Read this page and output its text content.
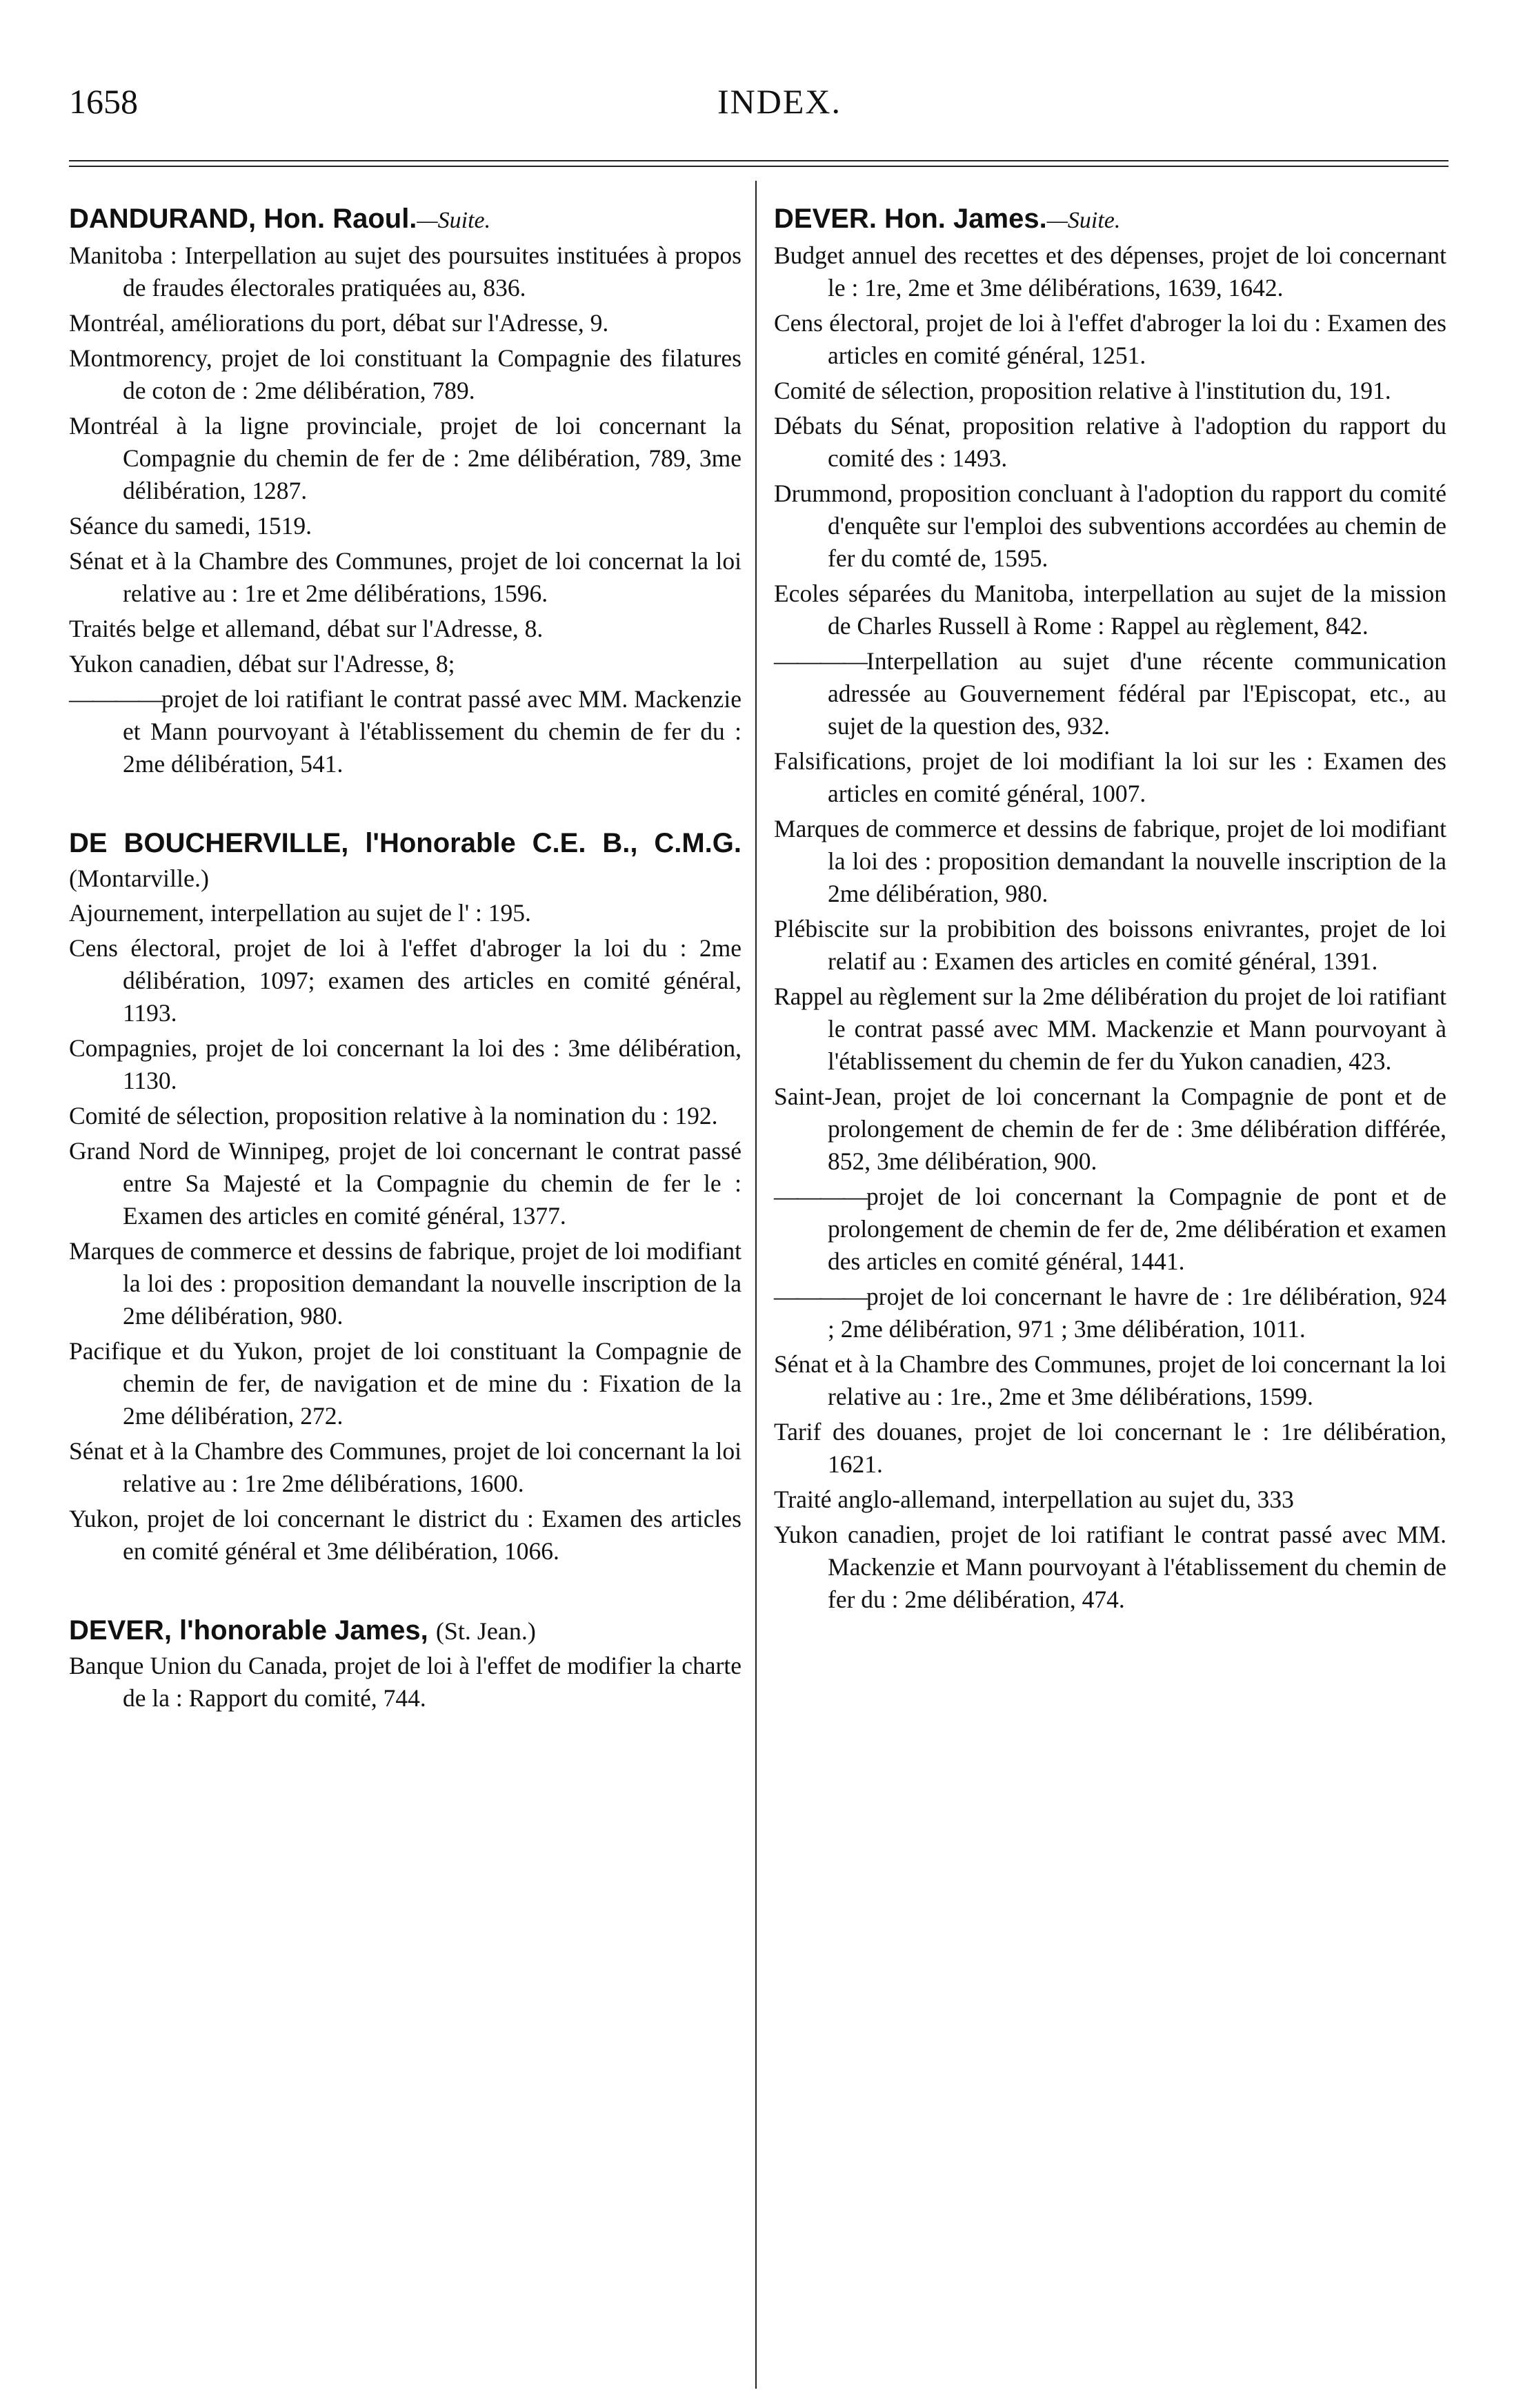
1658	INDEX.
DANDURAND, Hon. Raoul.—Suite.
Manitoba : Interpellation au sujet des poursuites instituées à propos de fraudes électorales pratiquées au, 836.
Montréal, améliorations du port, débat sur l'Adresse, 9.
Montmorency, projet de loi constituant la Compagnie des filatures de coton de : 2me délibération, 789.
Montréal à la ligne provinciale, projet de loi concernant la Compagnie du chemin de fer de : 2me délibération, 789, 3me délibération, 1287.
Séance du samedi, 1519.
Sénat et à la Chambre des Communes, projet de loi concernat la loi relative au : 1re et 2me délibérations, 1596.
Traités belge et allemand, débat sur l'Adresse, 8.
Yukon canadien, débat sur l'Adresse, 8;
————projet de loi ratifiant le contrat passé avec MM. Mackenzie et Mann pourvoyant à l'établissement du chemin de fer du : 2me délibération, 541.
DE BOUCHERVILLE, l'Honorable C.E. B., C.M.G. (Montarville.)
Ajournement, interpellation au sujet de l' : 195.
Cens électoral, projet de loi à l'effet d'abroger la loi du : 2me délibération, 1097; examen des articles en comité général, 1193.
Compagnies, projet de loi concernant la loi des : 3me délibération, 1130.
Comité de sélection, proposition relative à la nomination du : 192.
Grand Nord de Winnipeg, projet de loi concernant le contrat passé entre Sa Majesté et la Compagnie du chemin de fer le : Examen des articles en comité général, 1377.
Marques de commerce et dessins de fabrique, projet de loi modifiant la loi des : proposition demandant la nouvelle inscription de la 2me délibération, 980.
Pacifique et du Yukon, projet de loi constituant la Compagnie de chemin de fer, de navigation et de mine du : Fixation de la 2me délibération, 272.
Sénat et à la Chambre des Communes, projet de loi concernant la loi relative au : 1re 2me délibérations, 1600.
Yukon, projet de loi concernant le district du : Examen des articles en comité général et 3me délibération, 1066.
DEVER, l'honorable James, (St. Jean.)
Banque Union du Canada, projet de loi à l'effet de modifier la charte de la : Rapport du comité, 744.
DEVER. Hon. James.—Suite.
Budget annuel des recettes et des dépenses, projet de loi concernant le : 1re, 2me et 3me délibérations, 1639, 1642.
Cens électoral, projet de loi à l'effet d'abroger la loi du : Examen des articles en comité général, 1251.
Comité de sélection, proposition relative à l'institution du, 191.
Débats du Sénat, proposition relative à l'adoption du rapport du comité des : 1493.
Drummond, proposition concluant à l'adoption du rapport du comité d'enquête sur l'emploi des subventions accordées au chemin de fer du comté de, 1595.
Ecoles séparées du Manitoba, interpellation au sujet de la mission de Charles Russell à Rome : Rappel au règlement, 842.
————Interpellation au sujet d'une récente communication adressée au Gouvernement fédéral par l'Episcopat, etc., au sujet de la question des, 932.
Falsifications, projet de loi modifiant la loi sur les : Examen des articles en comité général, 1007.
Marques de commerce et dessins de fabrique, projet de loi modifiant la loi des : proposition demandant la nouvelle inscription de la 2me délibération, 980.
Plébiscite sur la probibition des boissons enivrantes, projet de loi relatif au : Examen des articles en comité général, 1391.
Rappel au règlement sur la 2me délibération du projet de loi ratifiant le contrat passé avec MM. Mackenzie et Mann pourvoyant à l'établissement du chemin de fer du Yukon canadien, 423.
Saint-Jean, projet de loi concernant la Compagnie de pont et de prolongement de chemin de fer de : 3me délibération différée, 852, 3me délibération, 900.
————projet de loi concernant la Compagnie de pont et de prolongement de chemin de fer de, 2me délibération et examen des articles en comité général, 1441.
————projet de loi concernant le havre de : 1re délibération, 924 ; 2me délibération, 971 ; 3me délibération, 1011.
Sénat et à la Chambre des Communes, projet de loi concernant la loi relative au : 1re., 2me et 3me délibérations, 1599.
Tarif des douanes, projet de loi concernant le : 1re délibération, 1621.
Traité anglo-allemand, interpellation au sujet du, 333
Yukon canadien, projet de loi ratifiant le contrat passé avec MM. Mackenzie et Mann pourvoyant à l'établissement du chemin de fer du : 2me délibération, 474.
